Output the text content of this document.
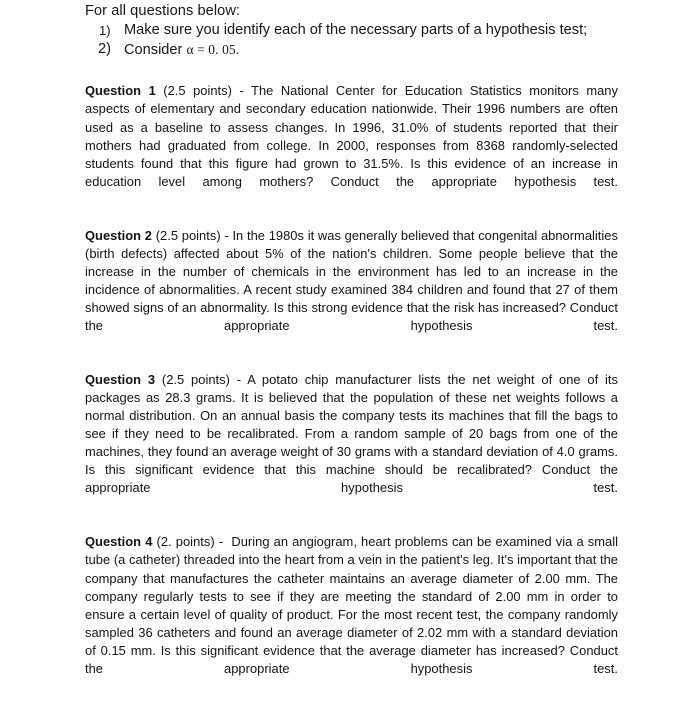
For all questions below:
1) Make sure you identify each of the necessary parts of a hypothesis test;
2) Consider α = 0. 05.

Question 1 (2.5 points) - The National Center for Education Statistics monitors many aspects of elementary and secondary education nationwide. Their 1996 numbers are often used as a baseline to assess changes. In 1996, 31.0% of students reported that their mothers had graduated from college. In 2000, responses from 8368 randomly-selected students found that this figure had grown to 31.5%. Is this evidence of an increase in education level among mothers? Conduct the appropriate hypothesis test.

Question 2 (2.5 points) - In the 1980s it was generally believed that congenital abnormalities (birth defects) affected about 5% of the nation's children. Some people believe that the increase in the number of chemicals in the environment has led to an increase in the incidence of abnormalities. A recent study examined 384 children and found that 27 of them showed signs of an abnormality. Is this strong evidence that the risk has increased? Conduct the appropriate hypothesis test.

Question 3 (2.5 points) - A potato chip manufacturer lists the net weight of one of its packages as 28.3 grams. It is believed that the population of these net weights follows a normal distribution. On an annual basis the company tests its machines that fill the bags to see if they need to be recalibrated. From a random sample of 20 bags from one of the machines, they found an average weight of 30 grams with a standard deviation of 4.0 grams. Is this significant evidence that this machine should be recalibrated? Conduct the appropriate hypothesis test.

Question 4 (2. points) - During an angiogram, heart problems can be examined via a small tube (a catheter) threaded into the heart from a vein in the patient's leg. It's important that the company that manufactures the catheter maintains an average diameter of 2.00 mm. The company regularly tests to see if they are meeting the standard of 2.00 mm in order to ensure a certain level of quality of product. For the most recent test, the company randomly sampled 36 catheters and found an average diameter of 2.02 mm with a standard deviation of 0.15 mm. Is this significant evidence that the average diameter has increased? Conduct the appropriate hypothesis test.
